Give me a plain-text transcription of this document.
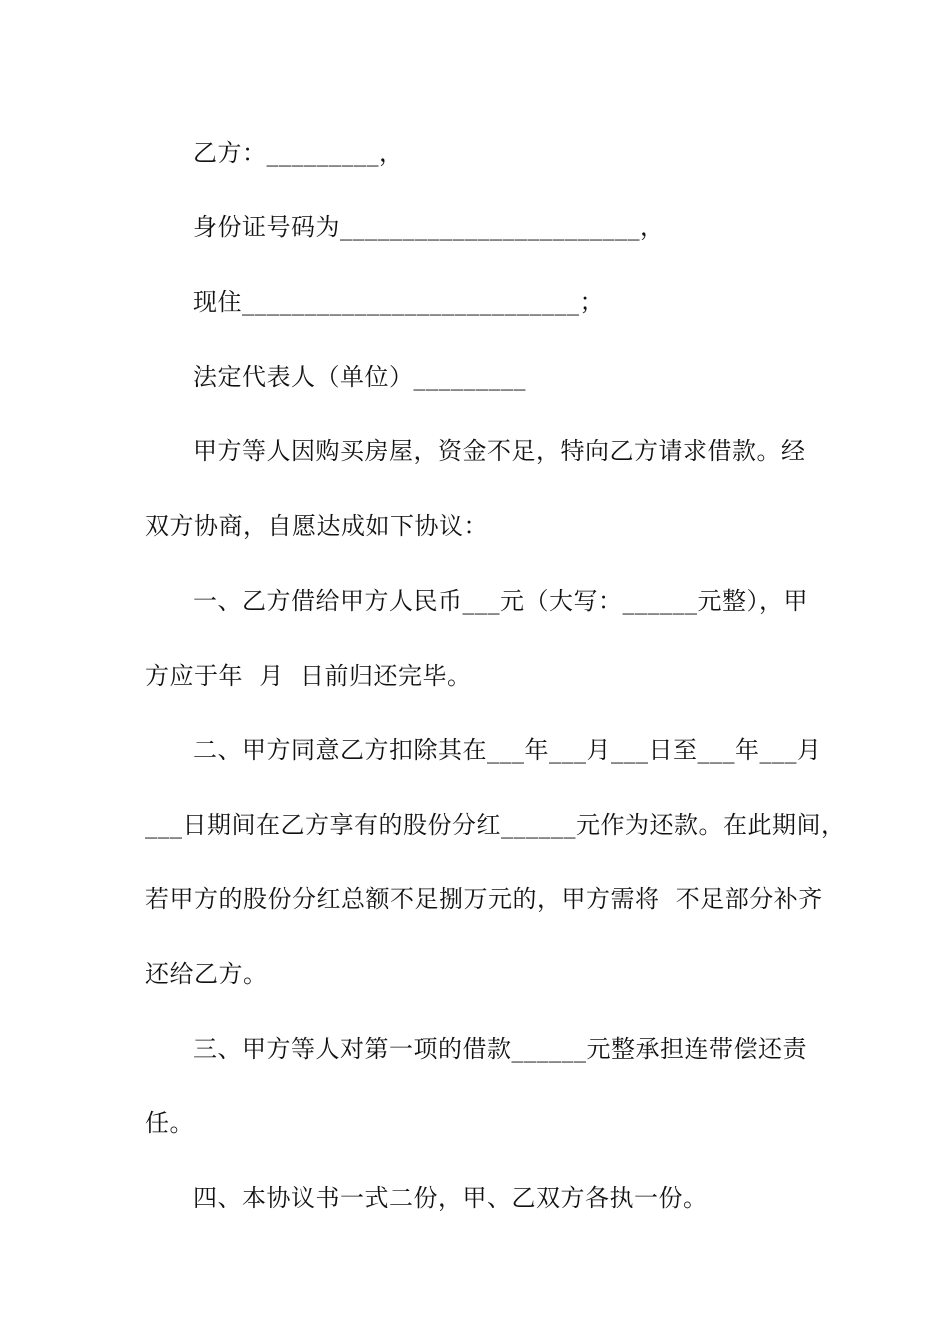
乙方：_________，
身份证号码为________________________，
现住___________________________；
法定代表人（单位）_________
甲方等人因购买房屋，资金不足，特向乙方请求借款。经
双方协商，自愿达成如下协议：
一、乙方借给甲方人民币___元（大写：______元整），甲
方应于年  月  日前归还完毕。
二、甲方同意乙方扣除其在___年___月___日至___年___月
___日期间在乙方享有的股份分红______元作为还款。在此期间，
若甲方的股份分红总额不足捌万元的，甲方需将  不足部分补齐
还给乙方。
三、甲方等人对第一项的借款______元整承担连带偿还责
任。
四、本协议书一式二份，甲、乙双方各执一份。
